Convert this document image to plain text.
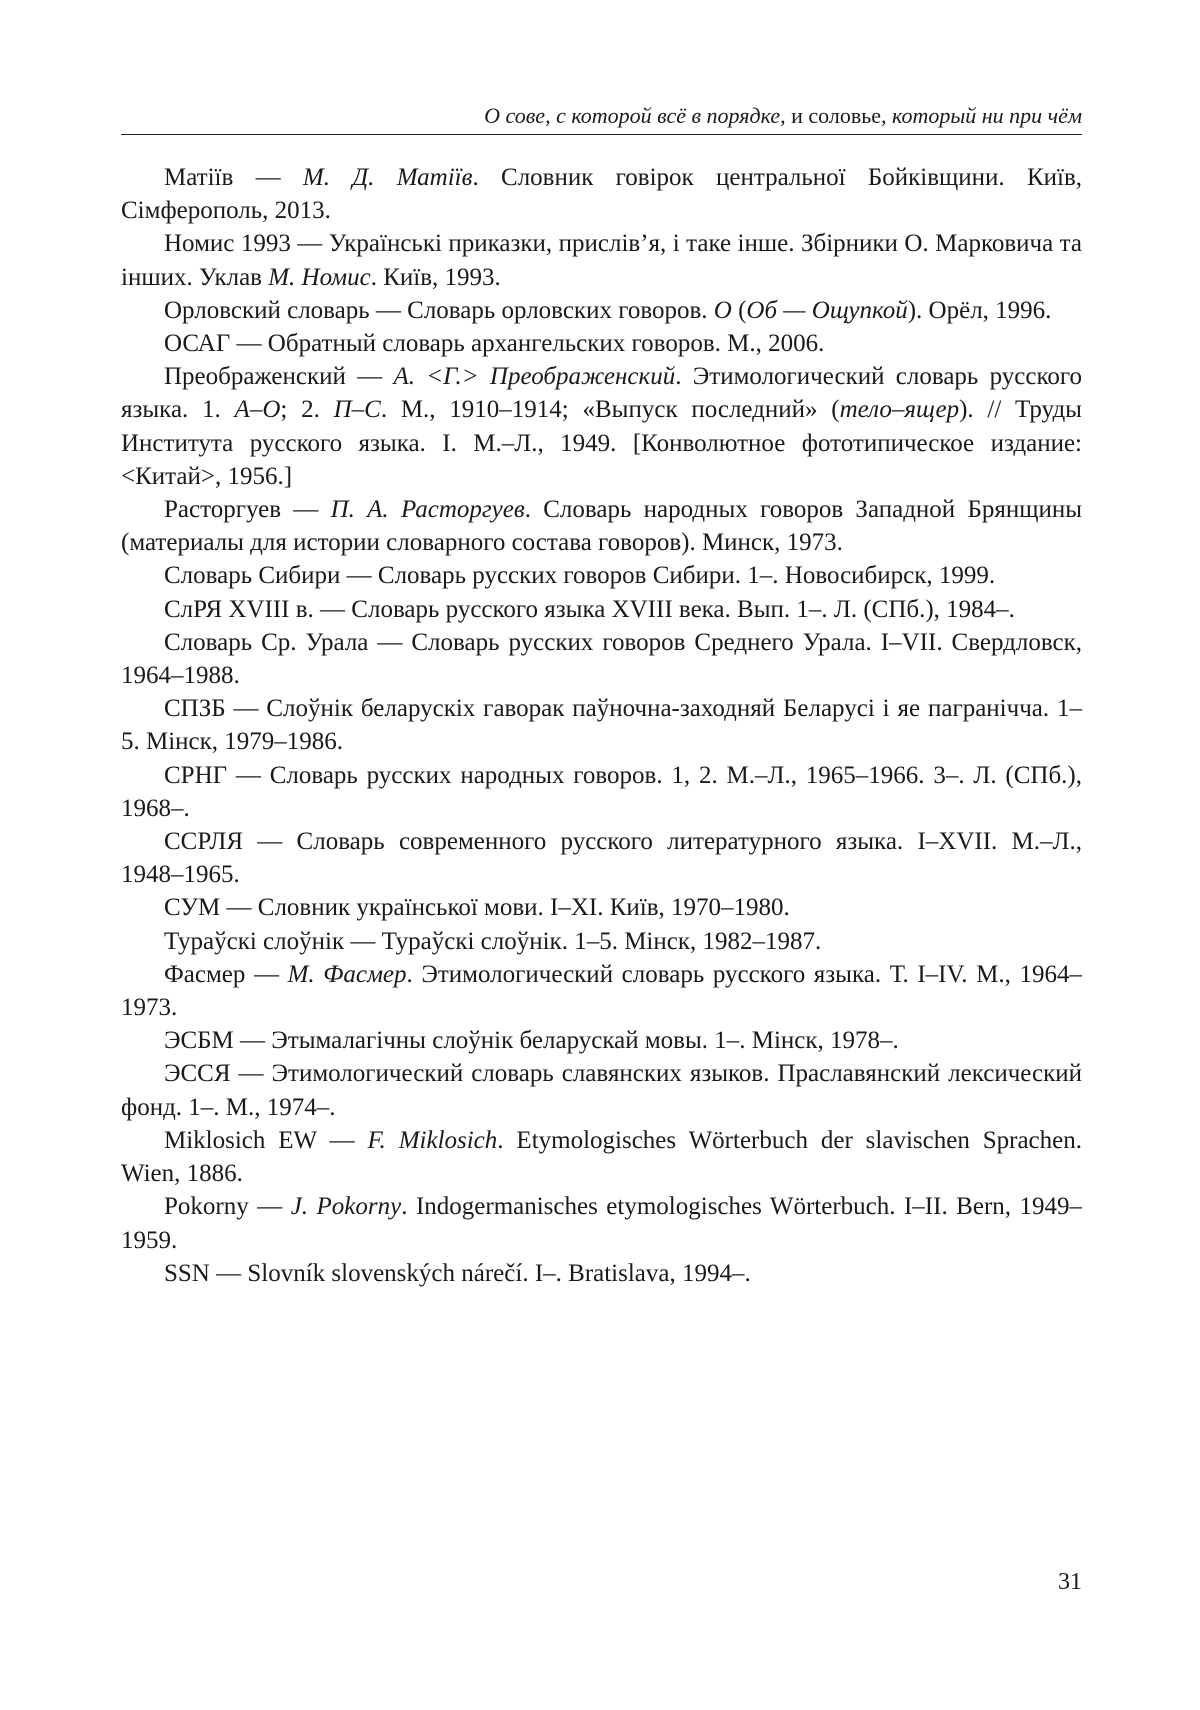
О сове, с которой всё в порядке, и соловье, который ни при чём

Матіїв — М. Д. Матіїв. Словник говірок центральної Бойківщини. Київ, Сімферополь, 2013.

Номис 1993 — Українські приказки, прислів’я, і таке інше. Збірники О. Марковича та інших. Уклав М. Номис. Київ, 1993.

Орловский словарь — Словарь орловских говоров. О (Об — Ощупкой). Орёл, 1996.

ОСАГ — Обратный словарь архангельских говоров. М., 2006.

Преображенский — А. <Г.> Преображенский. Этимологический словарь русского языка. 1. А–О; 2. П–С. М., 1910–1914; «Выпуск последний» (тело–ящер). // Труды Института русского языка. I. М.–Л., 1949. [Конволютное фототипическое издание: <Китай>, 1956.]

Расторгуев — П. А. Расторгуев. Словарь народных говоров Западной Брянщины (материалы для истории словарного состава говоров). Минск, 1973.

Словарь Сибири — Словарь русских говоров Сибири. 1–. Новосибирск, 1999.

СлРЯ XVIII в. — Словарь русского языка XVIII века. Вып. 1–. Л. (СПб.), 1984–.

Словарь Ср. Урала — Словарь русских говоров Среднего Урала. I–VII. Свердловск, 1964–1988.

СПЗБ — Слоўнік беларускіх гаворак паўночна-заходняй Беларусі і яе паграніччa. 1–5. Мінск, 1979–1986.

СРНГ — Словарь русских народных говоров. 1, 2. М.–Л., 1965–1966. 3–. Л. (СПб.), 1968–.

ССРЛЯ — Словарь современного русского литературного языка. I–XVII. М.–Л., 1948–1965.

СУМ — Словник української мови. I–XI. Київ, 1970–1980.

Тураўскі слоўнік — Тураўскі слоўнік. 1–5. Мінск, 1982–1987.

Фасмер — М. Фасмер. Этимологический словарь русского языка. Т. I–IV. М., 1964–1973.

ЭСБМ — Этымалагічны слоўнік беларускай мовы. 1–. Мінск, 1978–.

ЭССЯ — Этимологический словарь славянских языков. Праславянский лексический фонд. 1–. М., 1974–.

Miklosich EW — F. Miklosich. Etymologisches Wörterbuch der slavischen Sprachen. Wien, 1886.

Pokorny — J. Pokorny. Indogermanisches etymologisches Wörterbuch. I–II. Bern, 1949–1959.

SSN — Slovník slovenských nárečí. I–. Bratislava, 1994–.

31
